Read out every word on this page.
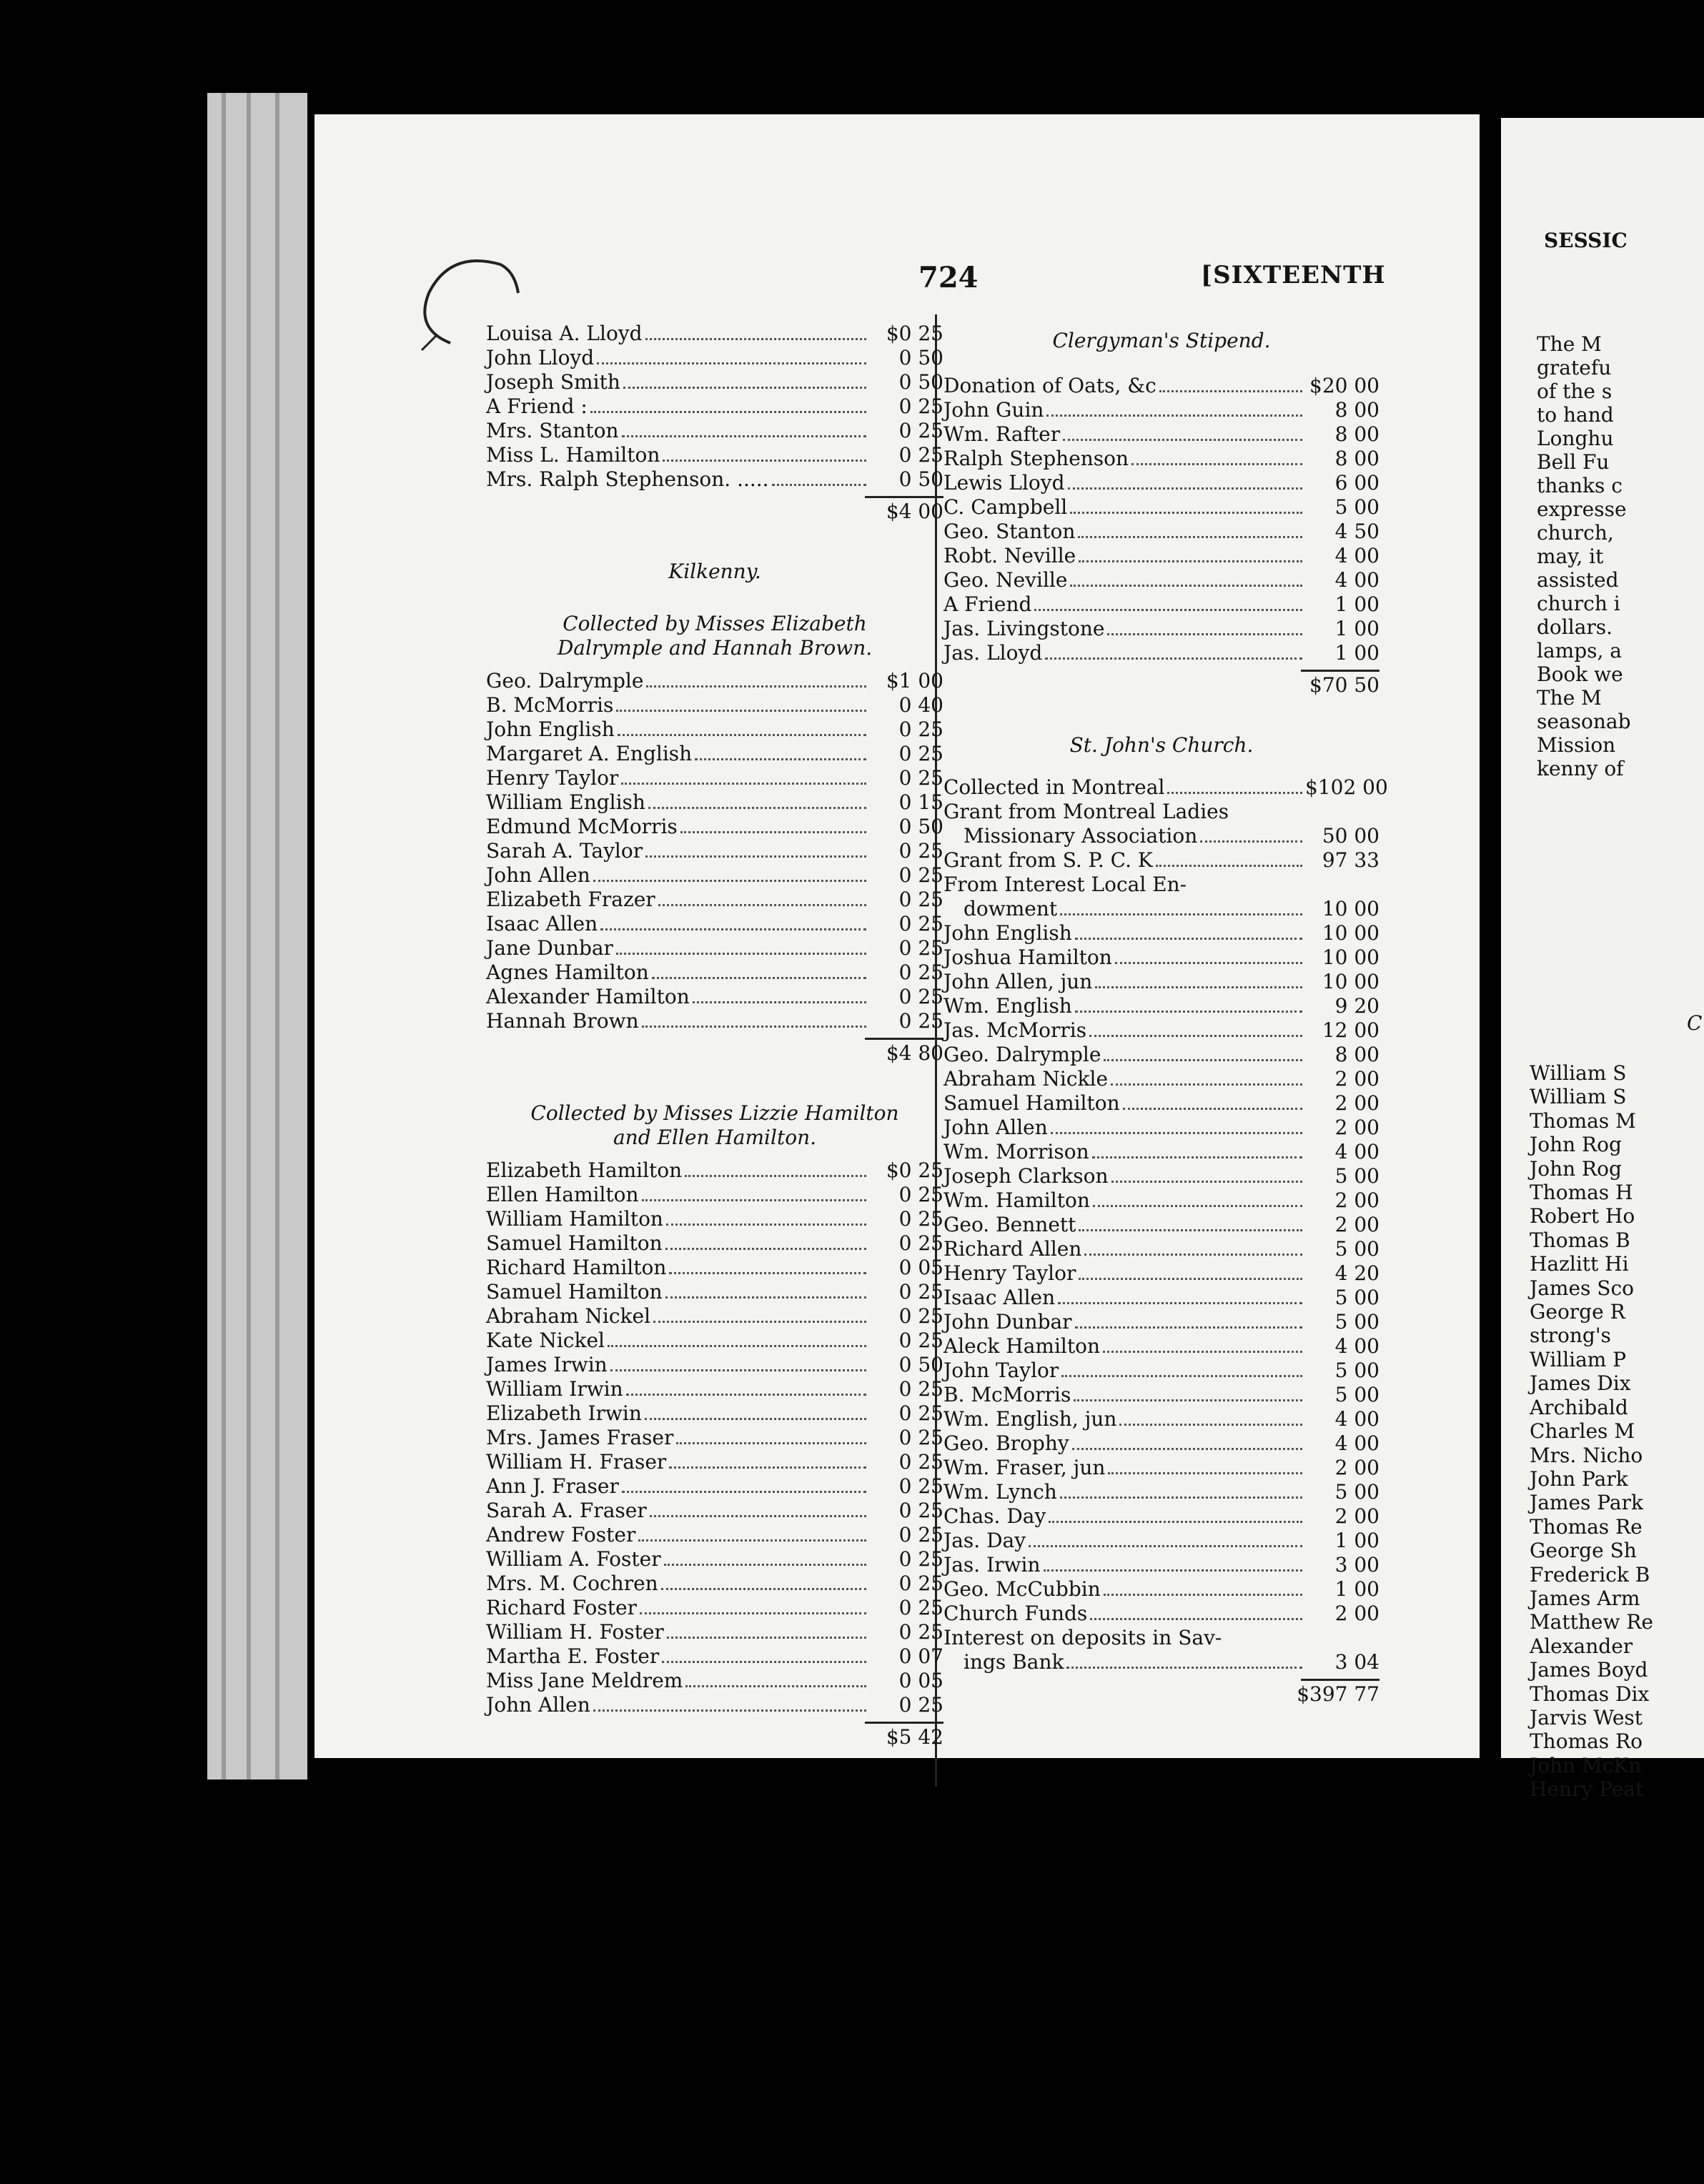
724	[SIXTEENTH
Louisa A. Lloyd	$0 25
John Lloyd	0 50
Joseph Smith	0 50
A Friend :	0 25
Mrs. Stanton	0 25
Miss L. Hamilton	0 25
Mrs. Ralph Stephenson. .....	0 50
$4 00
Kilkenny.
Collected by Misses Elizabeth
Dalrymple and Hannah Brown.
Geo. Dalrymple	$1 00
B. McMorris	0 40
John English	0 25
Margaret A. English	0 25
Henry Taylor	0 25
William English	0 15
Edmund McMorris	0 50
Sarah A. Taylor	0 25
John Allen	0 25
Elizabeth Frazer	0 25
Isaac Allen	0 25
Jane Dunbar	0 25
Agnes Hamilton	0 25
Alexander Hamilton	0 25
Hannah Brown	0 25
$4 80
Collected by Misses Lizzie Hamilton
and Ellen Hamilton.
Elizabeth Hamilton	$0 25
Ellen Hamilton	0 25
William Hamilton	0 25
Samuel Hamilton	0 25
Richard Hamilton	0 05
Samuel Hamilton	0 25
Abraham Nickel	0 25
Kate Nickel	0 25
James Irwin	0 50
William Irwin	0 25
Elizabeth Irwin	0 25
Mrs. James Fraser	0 25
William H. Fraser	0 25
Ann J. Fraser	0 25
Sarah A. Fraser	0 25
Andrew Foster	0 25
William A. Foster	0 25
Mrs. M. Cochren	0 25
Richard Foster	0 25
William H. Foster	0 25
Martha E. Foster	0 07
Miss Jane Meldrem	0 05
John Allen	0 25
$5 42
Clergyman's Stipend.
Donation of Oats, &c	$20 00
John Guin	8 00
Wm. Rafter	8 00
Ralph Stephenson	8 00
Lewis Lloyd	6 00
C. Campbell	5 00
Geo. Stanton	4 50
Robt. Neville	4 00
Geo. Neville	4 00
A Friend	1 00
Jas. Livingstone	1 00
Jas. Lloyd	1 00
$70 50
St. John's Church.
Collected in Montreal	$102 00
Grant from Montreal Ladies
Missionary Association	50 00
Grant from S. P. C. K	97 33
From Interest Local En-
dowment	10 00
John English	10 00
Joshua Hamilton	10 00
John Allen, jun	10 00
Wm. English	9 20
Jas. McMorris	12 00
Geo. Dalrymple	8 00
Abraham Nickle	2 00
Samuel Hamilton	2 00
John Allen	2 00
Wm. Morrison	4 00
Joseph Clarkson	5 00
Wm. Hamilton	2 00
Geo. Bennett	2 00
Richard Allen	5 00
Henry Taylor	4 20
Isaac Allen	5 00
John Dunbar	5 00
Aleck Hamilton	4 00
John Taylor	5 00
B. McMorris	5 00
Wm. English, jun	4 00
Geo. Brophy	4 00
Wm. Fraser, jun	2 00
Wm. Lynch	5 00
Chas. Day	2 00
Jas. Day	1 00
Jas. Irwin	3 00
Geo. McCubbin	1 00
Church Funds	2 00
Interest on deposits in Sav-
ings Bank	3 04
$397 77
SESSIC
The M
gratefu
of the s
to hand
Longhu
Bell Fu
thanks c
expresse
church,
may, it
assisted
church i
dollars.
lamps, a
Book we
The M
seasonab
Mission
kenny of
C
William S
William S
Thomas M
John Rog
John Rog
Thomas H
Robert Ho
Thomas B
Hazlitt Hi
James Sco
George R
strong's
William P
James Dix
Archibald
Charles M
Mrs. Nicho
John Park
James Park
Thomas Re
George Sh
Frederick B
James Arm
Matthew Re
Alexander
James Boyd
Thomas Dix
Jarvis West
Thomas Ro
John McKn
Henry Peat
